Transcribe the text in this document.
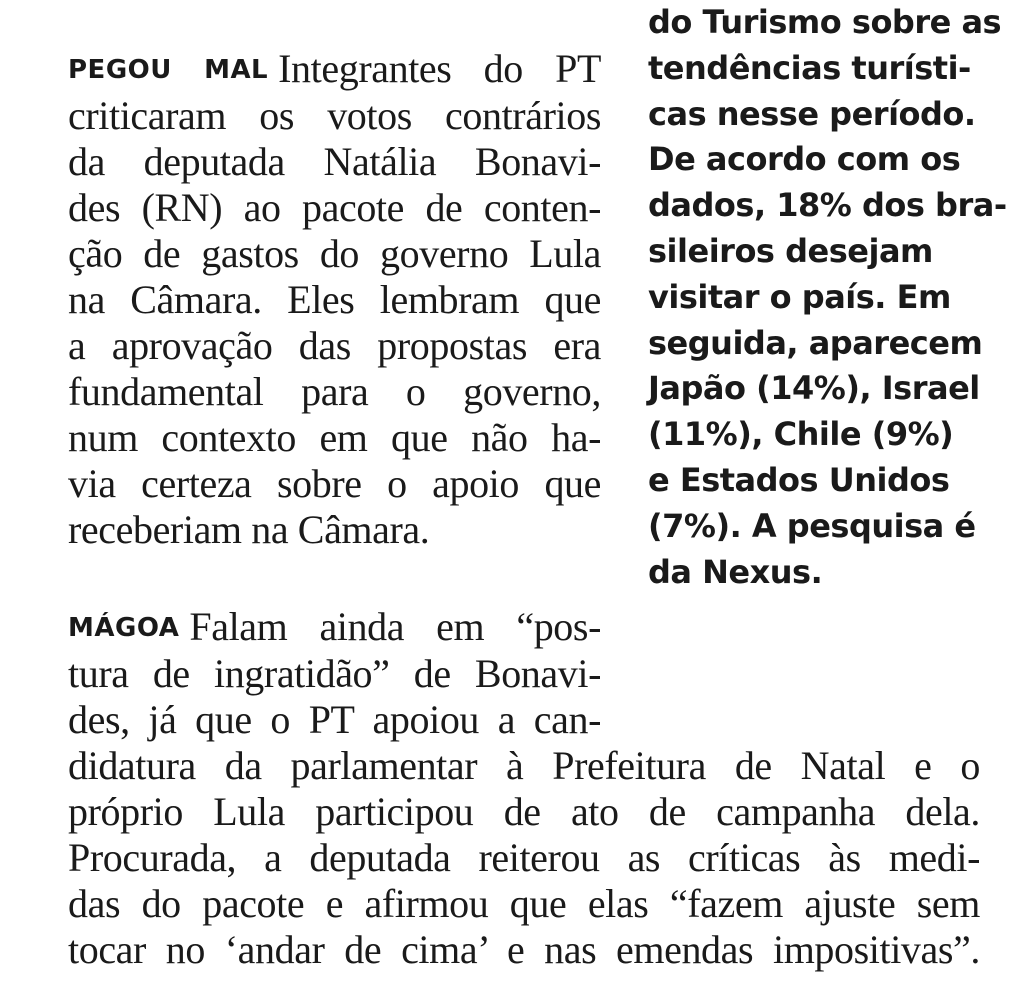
do Turismo sobre as
tendências turísti-
cas nesse período.
De acordo com os
dados, 18% dos bra-
sileiros desejam
visitar o país. Em
seguida, aparecem
Japão (14%), Israel
(11%), Chile (9%)
e Estados Unidos
(7%). A pesquisa é
da Nexus.
PEGOU MAL Integrantes do PT
criticaram os votos contrários
da deputada Natália Bonavi-
des (RN) ao pacote de conten-
ção de gastos do governo Lula
na Câmara. Eles lembram que
a aprovação das propostas era
fundamental para o governo,
num contexto em que não ha-
via certeza sobre o apoio que
receberiam na Câmara.
MÁGOA Falam ainda em “pos-
tura de ingratidão” de Bonavi-
des, já que o PT apoiou a can-
didatura da parlamentar à Prefeitura de Natal e o
próprio Lula participou de ato de campanha dela.
Procurada, a deputada reiterou as críticas às medi-
das do pacote e afirmou que elas “fazem ajuste sem
tocar no ‘andar de cima’ e nas emendas impositivas”.
